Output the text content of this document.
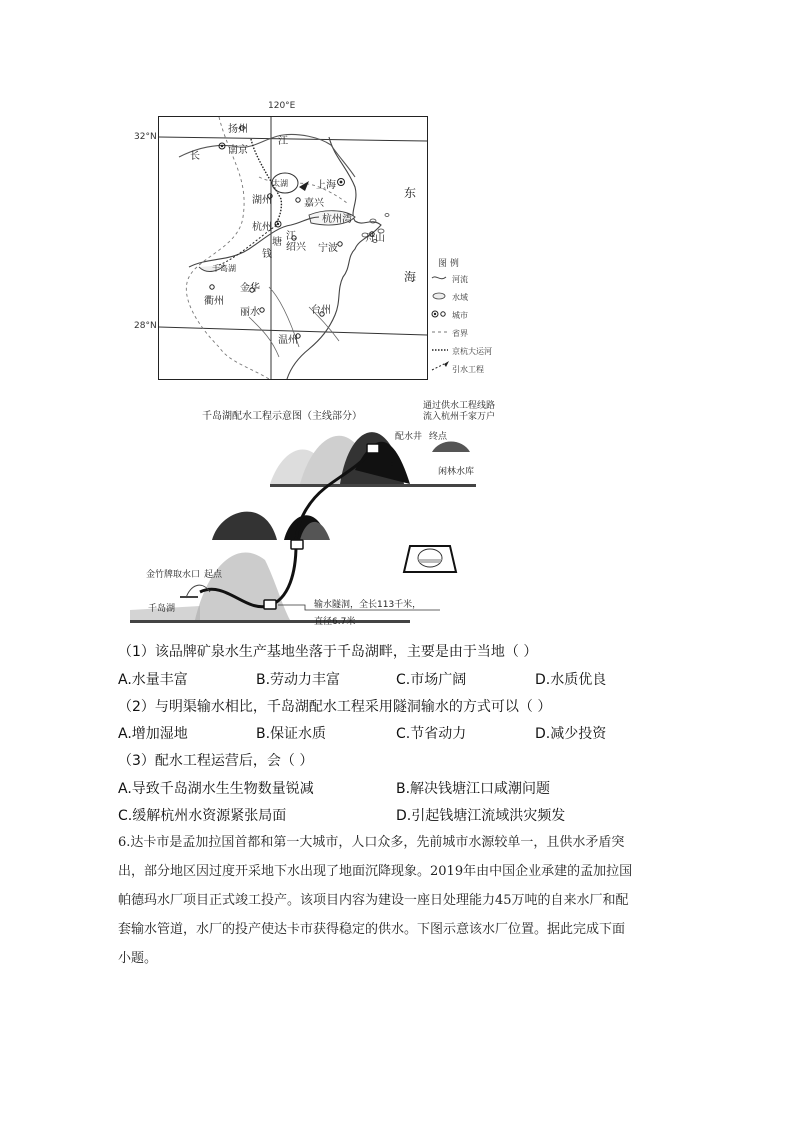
120°E
32°N
28°N
扬州
南京
湖州
上海
嘉兴
杭州
绍兴 宁波
舟山
衢州
金华
丽水	台州
温州
长
江
太湖
杭州湾
钱
塘
江
千岛湖
东
海
图 例
河流
水域
城市
省界
京杭大运河
引水工程
千岛湖配水工程示意图（主线部分）
通过供水工程线路
流入杭州千家万户
配水井 终点
闲林水库
金竹牌取水口 起点
千岛湖	输水隧洞，全长113千米，
直径6.7米
（1）该品牌矿泉水生产基地坐落于千岛湖畔，主要是由于当地（ ）
A.水量丰富	B.劳动力丰富	C.市场广阔	D.水质优良
（2）与明渠输水相比，千岛湖配水工程采用隧洞输水的方式可以（ ）
A.增加湿地	B.保证水质	C.节省动力	D.减少投资
（3）配水工程运营后，会（ ）
A.导致千岛湖水生生物数量锐减	B.解决钱塘江口咸潮问题
C.缓解杭州水资源紧张局面	D.引起钱塘江流域洪灾频发
6.达卡市是孟加拉国首都和第一大城市，人口众多，先前城市水源较单一，且供水矛盾突
出，部分地区因过度开采地下水出现了地面沉降现象。2019年由中国企业承建的孟加拉国
帕德玛水厂项目正式竣工投产。该项目内容为建设一座日处理能力45万吨的自来水厂和配
套输水管道，水厂的投产使达卡市获得稳定的供水。下图示意该水厂位置。据此完成下面
小题。
